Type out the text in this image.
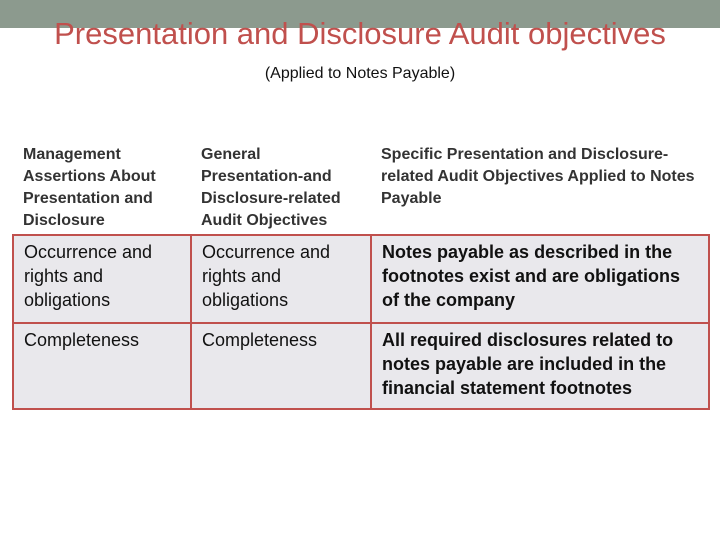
Presentation and Disclosure Audit objectives

(Applied to Notes Payable)

Management Assertions About Presentation and Disclosure	General Presentation-and Disclosure-related Audit Objectives	Specific Presentation and Disclosure-related Audit Objectives Applied to Notes Payable
Occurrence and rights and obligations	Occurrence and rights and obligations	Notes payable as described in the footnotes exist and are obligations of the company
Completeness	Completeness	All required disclosures related to notes payable are included in the financial statement footnotes
